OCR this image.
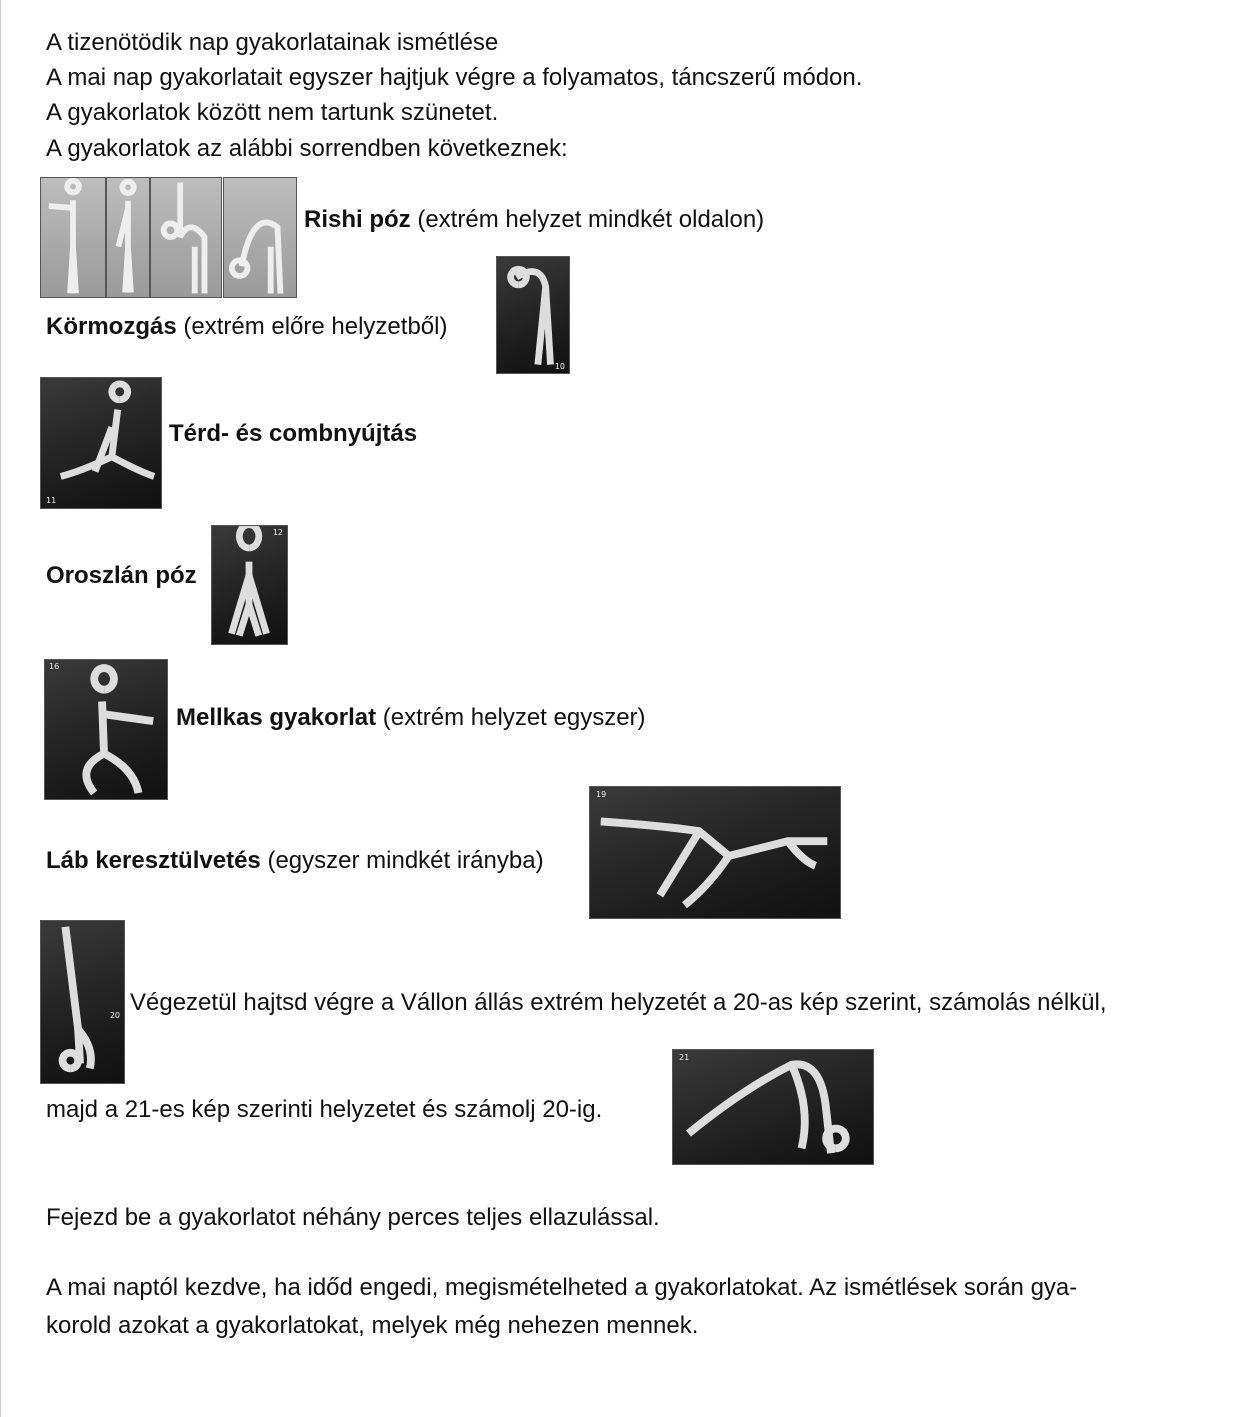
A tizenötödik nap gyakorlatainak ismétlése
A mai nap gyakorlatait egyszer hajtjuk végre a folyamatos, táncszerű módon.
A gyakorlatok között nem tartunk szünetet.
A gyakorlatok az alábbi sorrendben következnek:
Rishi póz (extrém helyzet mindkét oldalon)
Körmozgás (extrém előre helyzetből)
10
11
Térd- és combnyújtás
Oroszlán póz
12
16
Mellkas gyakorlat (extrém helyzet egyszer)
Láb keresztülvetés (egyszer mindkét irányba)
19
20 Végezetül hajtsd végre a Vállon állás extrém helyzetét a 20-as kép szerint, számolás nélkül,
majd a 21-es kép szerinti helyzetet és számolj 20-ig.
21
Fejezd be a gyakorlatot néhány perces teljes ellazulással.
A mai naptól kezdve, ha időd engedi, megismételheted a gyakorlatokat. Az ismétlések során gya-
korold azokat a gyakorlatokat, melyek még nehezen mennek.
